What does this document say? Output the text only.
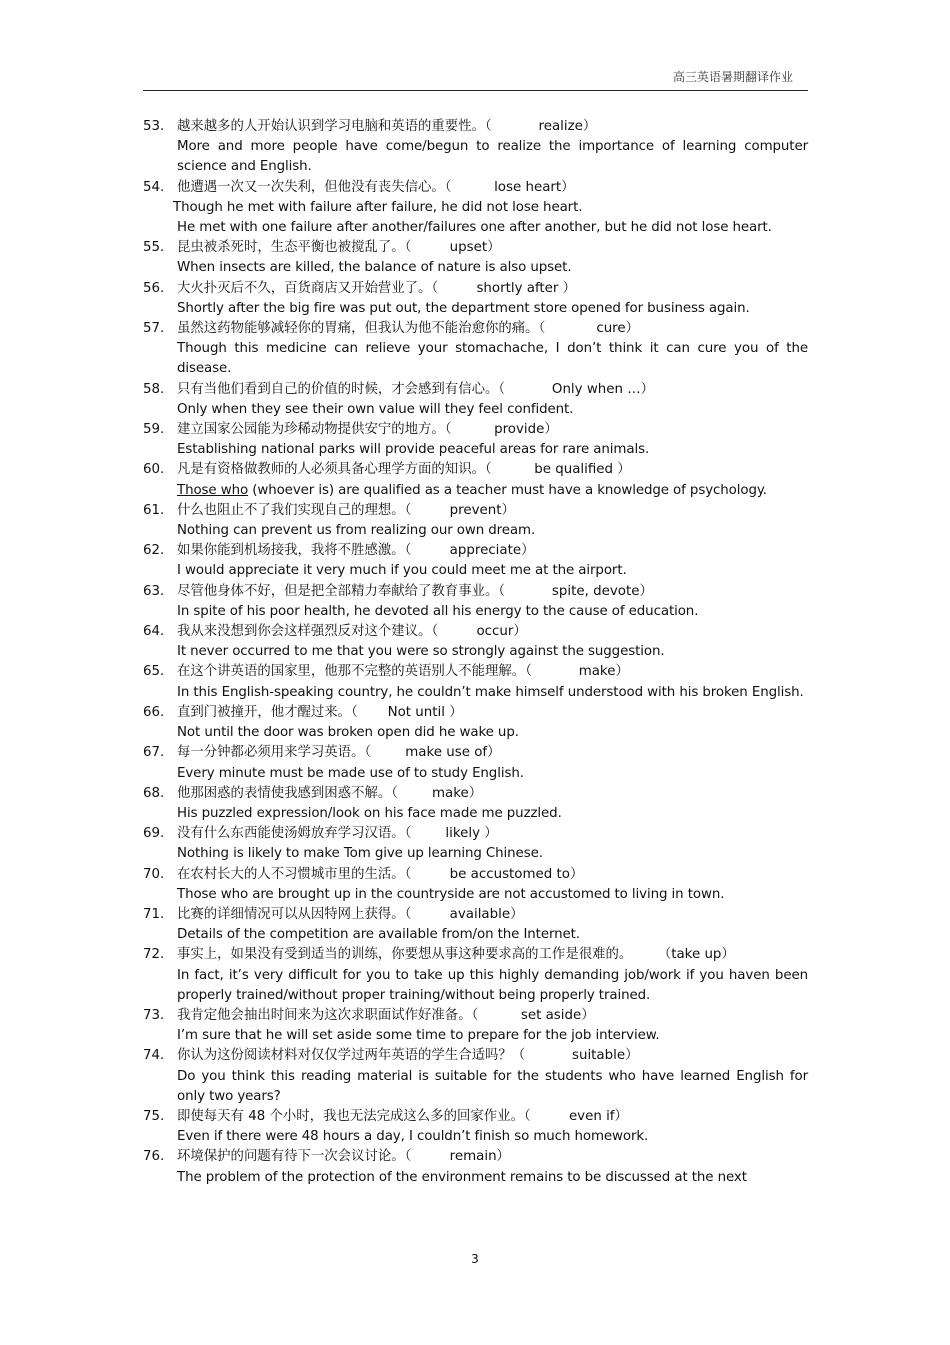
高三英语暑期翻译作业
53. 越来越多的人开始认识到学习电脑和英语的重要性。（
	realize）
More and more people have come/begun to realize the importance of learning computer science and English.
54. 他遭遇一次又一次失利，但他没有丧失信心。（
	lose heart）
Though he met with failure after failure, he did not lose heart.
He met with one failure after another/failures one after another, but he did not lose heart.
55. 昆虫被杀死时，生态平衡也被搅乱了。（
	upset）
When insects are killed, the balance of nature is also upset.
56. 大火扑灭后不久，百货商店又开始营业了。（
	shortly after ）
Shortly after the big fire was put out, the department store opened for business again.
57. 虽然这药物能够减轻你的胃痛，但我认为他不能治愈你的痛。（
	cure）
Though this medicine can relieve your stomachache, I don’t think it can cure you of the disease.
58. 只有当他们看到自己的价值的时候，才会感到有信心。（
	Only when …）
Only when they see their own value will they feel confident.
59. 建立国家公园能为珍稀动物提供安宁的地方。（
	provide）
Establishing national parks will provide peaceful areas for rare animals.
60. 凡是有资格做教师的人必须具备心理学方面的知识。（
	be qualified ）
Those who (whoever is) are qualified as a teacher must have a knowledge of psychology.
61. 什么也阻止不了我们实现自己的理想。（
	prevent）
Nothing can prevent us from realizing our own dream.
62. 如果你能到机场接我，我将不胜感激。（
	appreciate）
I would appreciate it very much if you could meet me at the airport.
63. 尽管他身体不好，但是把全部精力奉献给了教育事业。（
	spite, devote）
In spite of his poor health, he devoted all his energy to the cause of education.
64. 我从来没想到你会这样强烈反对这个建议。（
	occur）
It never occurred to me that you were so strongly against the suggestion.
65. 在这个讲英语的国家里，他那不完整的英语别人不能理解。（
	make）
In this English-speaking country, he couldn’t make himself understood with his broken English.
66. 直到门被撞开，他才醒过来。（
Not until ）
Not until the door was broken open did he wake up.
67. 每一分钟都必须用来学习英语。（
make use of）
Every minute must be made use of to study English.
68. 他那困惑的表情使我感到困惑不解。（
make）
His puzzled expression/look on his face made me puzzled.
69. 没有什么东西能使汤姆放弃学习汉语。（
likely ）
Nothing is likely to make Tom give up learning Chinese.
70. 在农村长大的人不习惯城市里的生活。（
	be accustomed to）
Those who are brought up in the countryside are not accustomed to living in town.
71. 比赛的详细情况可以从因特网上获得。（
	available）
Details of the competition are available from/on the Internet.
72. 事实上，如果没有受到适当的训练，你要想从事这种要求高的工作是很难的。
（take up）
In fact, it’s very difficult for you to take up this highly demanding job/work if you haven been properly trained/without proper training/without being properly trained.
73. 我肯定他会抽出时间来为这次求职面试作好准备。（
	set aside）
I’m sure that he will set aside some time to prepare for the job interview.
74. 你认为这份阅读材料对仅仅学过两年英语的学生合适吗？（
	suitable）
Do you think this reading material is suitable for the students who have learned English for only two years?
75. 即使每天有 48 个小时，我也无法完成这么多的回家作业。（
	even if）
Even if there were 48 hours a day, I couldn’t finish so much homework.
76. 环境保护的问题有待下一次会议讨论。（
	remain）
The problem of the protection of the environment remains to be discussed at the next
3
